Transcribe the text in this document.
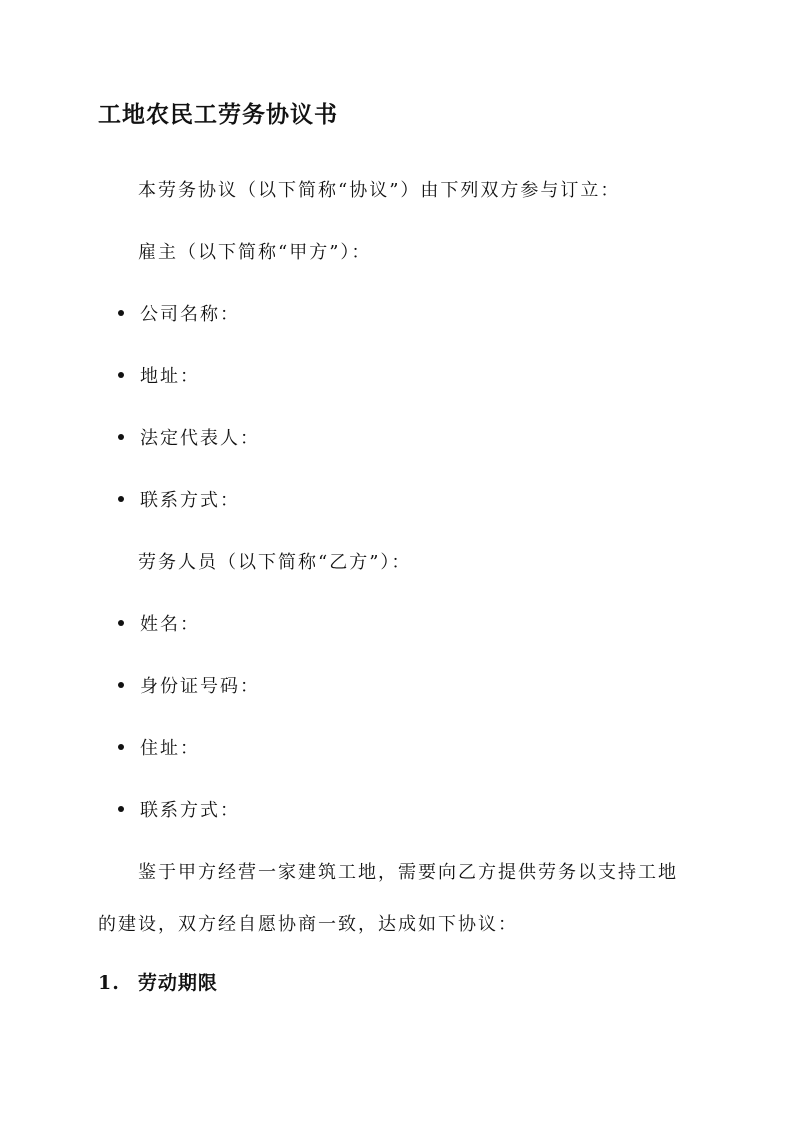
工地农民工劳务协议书
本劳务协议（以下简称“协议”）由下列双方参与订立：
雇主（以下简称“甲方”）：
公司名称：
地址：
法定代表人：
联系方式：
劳务人员（以下简称“乙方”）：
姓名：
身份证号码：
住址：
联系方式：
鉴于甲方经营一家建筑工地，需要向乙方提供劳务以支持工地
的建设，双方经自愿协商一致，达成如下协议：
1. 劳动期限
